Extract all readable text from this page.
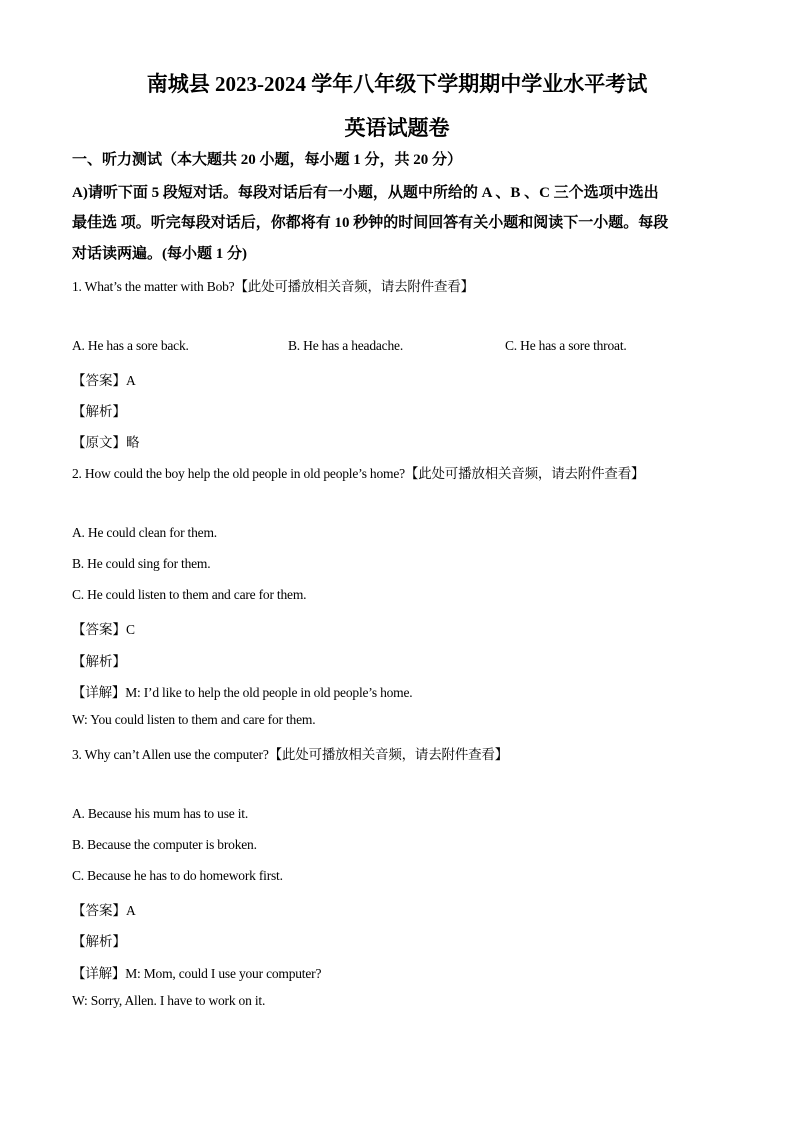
南城县 2023-2024 学年八年级下学期期中学业水平考试
英语试题卷
一、听力测试（本大题共 20 小题，每小题 1 分，共 20 分）
A)请听下面 5 段短对话。每段对话后有一小题，从题中所给的 A 、B 、C 三个选项中选出
最佳选 项。听完每段对话后，你都将有 10 秒钟的时间回答有关小题和阅读下一小题。每段
对话读两遍。(每小题 1 分)
1. What’s the matter with Bob?【此处可播放相关音频，请去附件查看】
A. He has a sore back.	B. He has a headache.	C. He has a sore throat.
【答案】A
【解析】
【原文】略
2. How could the boy help the old people in old people’s home?【此处可播放相关音频，请去附件查看】
A. He could clean for them.
B. He could sing for them.
C. He could listen to them and care for them.
【答案】C
【解析】
【详解】M: I’d like to help the old people in old people’s home.
W: You could listen to them and care for them.
3. Why can’t Allen use the computer?【此处可播放相关音频，请去附件查看】
A. Because his mum has to use it.
B. Because the computer is broken.
C. Because he has to do homework first.
【答案】A
【解析】
【详解】M: Mom, could I use your computer?
W: Sorry, Allen. I have to work on it.
